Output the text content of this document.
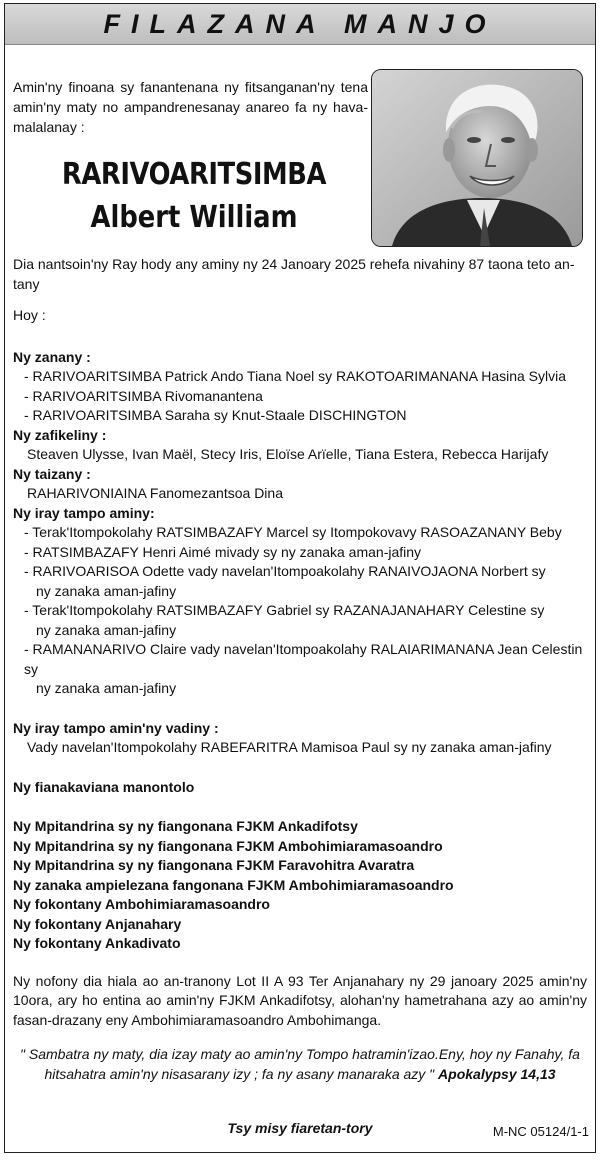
FILAZANA MANJO
Amin'ny finoana sy fanantenana ny fitsanganan'ny tena amin'ny maty no ampandrenesanay anareo fa ny hava-malalanay :
RARIVOARITSIMBA
Albert William
Dia nantsoin'ny Ray hody any aminy ny 24 Janoary 2025 rehefa nivahiny 87 taona teto an-tany
Hoy :
Ny zanany :
- RARIVOARITSIMBA Patrick Ando Tiana Noel sy RAKOTOARIMANANA Hasina Sylvia
- RARIVOARITSIMBA Rivomanantena
- RARIVOARITSIMBA Saraha sy Knut-Staale DISCHINGTON
Ny zafikeliny :
Steaven Ulysse, Ivan Maël, Stecy Iris, Eloïse Arïelle, Tiana Estera, Rebecca Harijafy
Ny taizany :
RAHARIVONIAINA Fanomezantsoa Dina
Ny iray tampo aminy:
- Terak'Itompokolahy RATSIMBAZAFY Marcel sy Itompokovavy RASOAZANANY Beby
- RATSIMBAZAFY Henri Aimé mivady sy ny zanaka aman-jafiny
- RARIVOARISOA Odette vady navelan'Itompoakolahy RANAIVOJAONA Norbert sy
ny zanaka aman-jafiny
- Terak'Itompokolahy RATSIMBAZAFY Gabriel sy RAZANAJANAHARY Celestine sy
ny zanaka aman-jafiny
- RAMANANARIVO Claire vady navelan'Itompoakolahy RALAIARIMANANA Jean Celestin sy
ny zanaka aman-jafiny
Ny iray tampo amin'ny vadiny :
Vady navelan'Itompokolahy RABEFARITRA Mamisoa Paul sy ny zanaka aman-jafiny
Ny fianakaviana manontolo
Ny Mpitandrina sy ny fiangonana FJKM Ankadifotsy
Ny Mpitandrina sy ny fiangonana FJKM Ambohimiaramasoandro
Ny Mpitandrina sy ny fiangonana FJKM Faravohitra Avaratra
Ny zanaka ampielezana fangonana FJKM Ambohimiaramasoandro
Ny fokontany Ambohimiaramasoandro
Ny fokontany Anjanahary
Ny fokontany Ankadivato
Ny nofony dia hiala ao an-tranony Lot II A 93 Ter Anjanahary ny 29 janoary 2025 amin'ny 10ora, ary ho entina ao amin'ny FJKM Ankadifotsy, alohan'ny hametrahana azy ao amin'ny fasan-drazany eny Ambohimiaramasoandro Ambohimanga.
" Sambatra ny maty, dia izay maty ao amin'ny Tompo hatramin'izao.Eny, hoy ny Fanahy, fa hitsahatra amin'ny nisasarany izy ; fa ny asany manaraka azy " Apokalypsy 14,13
Tsy misy fiaretan-tory	M-NC 05124/1-1
